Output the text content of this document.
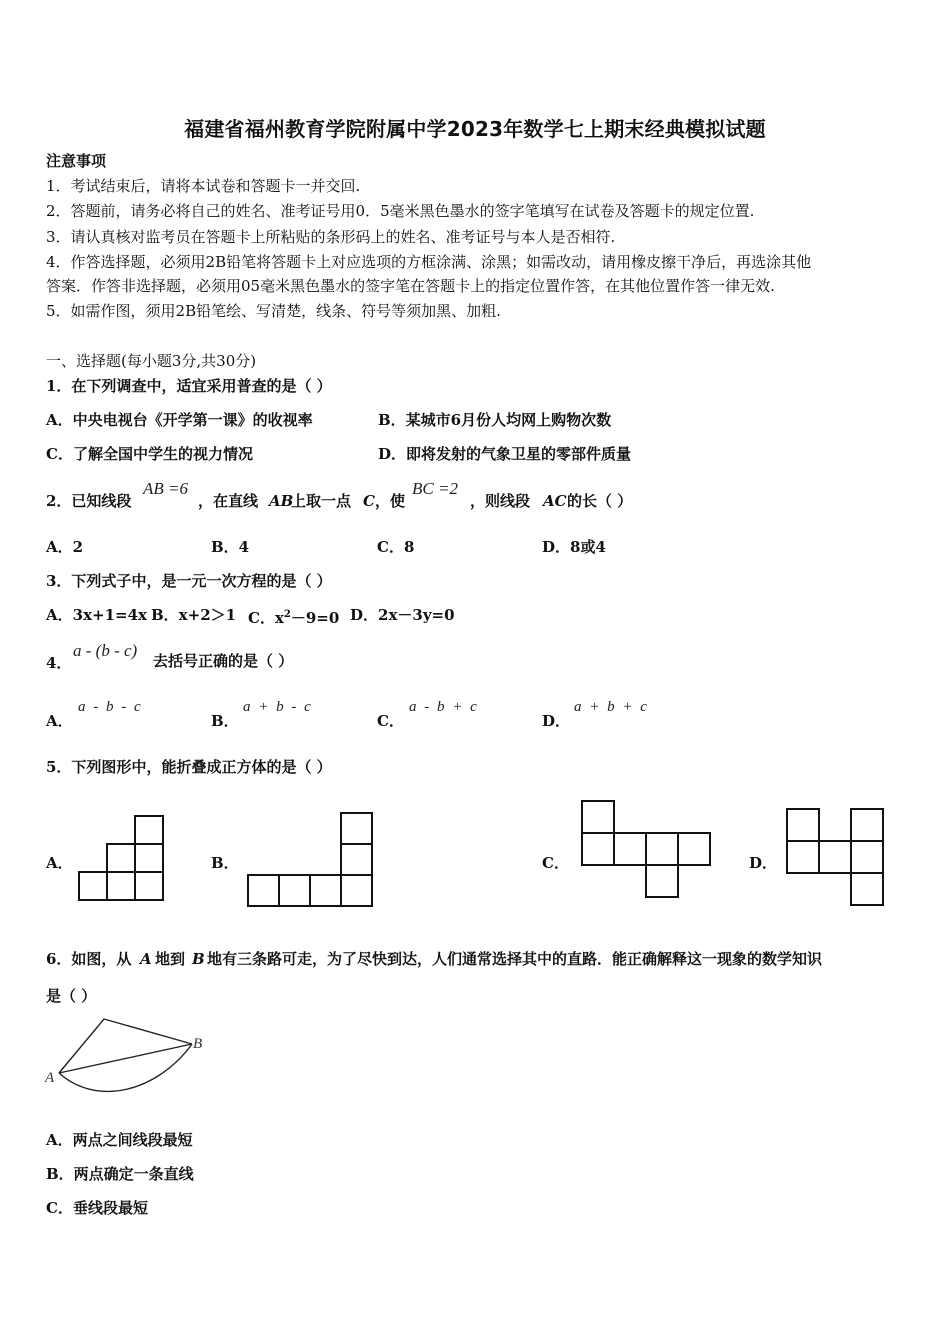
福建省福州教育学院附属中学2023年数学七上期末经典模拟试题
注意事项
1．考试结束后，请将本试卷和答题卡一并交回.
2．答题前，请务必将自己的姓名、准考证号用0．5毫米黑色墨水的签字笔填写在试卷及答题卡的规定位置.
3．请认真核对监考员在答题卡上所粘贴的条形码上的姓名、准考证号与本人是否相符.
4．作答选择题，必须用2B铅笔将答题卡上对应选项的方框涂满、涂黑；如需改动，请用橡皮擦干净后，再选涂其他
答案．作答非选择题，必须用05毫米黑色墨水的签字笔在答题卡上的指定位置作答，在其他位置作答一律无效.
5．如需作图，须用2B铅笔绘、写清楚，线条、符号等须加黑、加粗.
一、选择题(每小题3分,共30分)
1．在下列调查中，适宜采用普查的是（ ）
A．中央电视台《开学第一课》的收视率	B．某城市6月份人均网上购物次数
C．了解全国中学生的视力情况	D．即将发射的气象卫星的零部件质量
2．已知线段
AB =6
，在直线 AB
上取一点 C ，使
BC =2
，则线段 AC 的长（ ）
A．2	B．4	C．8	D．8或4
3．下列式子中，是一元一次方程的是（ ）
A．3x+1=4x B．x+2＞1 C．$x^2-9=0$ D．2x－3y=0
4．
a - (b - c)
去括号正确的是（ ）
A．
a - b - c
B．
a + b - c
C．
a - b + c
D．
a + b + c
5．下列图形中，能折叠成正方体的是（ ）
A．	B．	C．	D．
6．如图，从 A 地到 B 地有三条路可走，为了尽快到达，人们通常选择其中的直路．能正确解释这一现象的数学知识
是（ ）
A
B
A．两点之间线段最短
B．两点确定一条直线
C．垂线段最短
